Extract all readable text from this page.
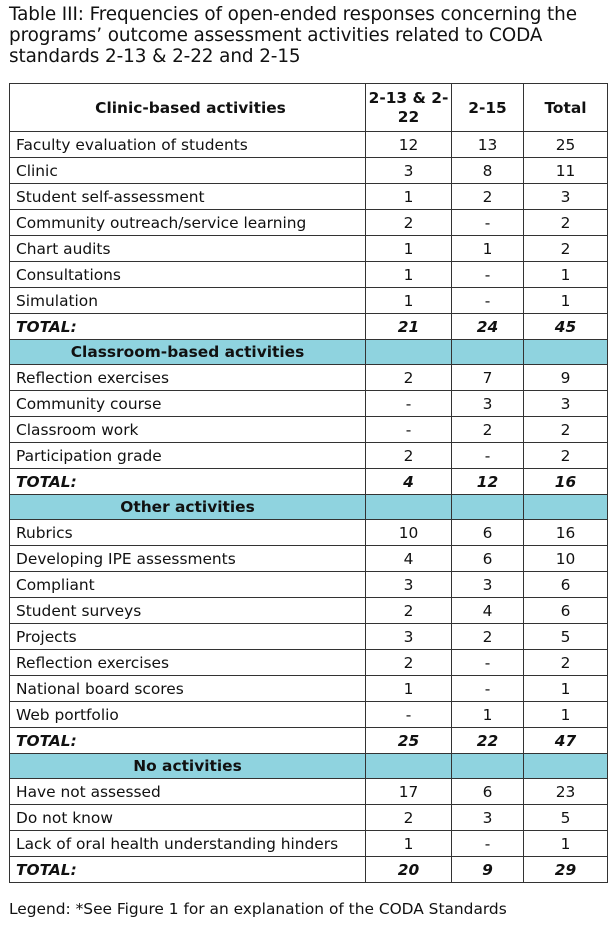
Table III: Frequencies of open-ended responses concerning the programs’ outcome assessment activities related to CODA standards 2-13 & 2-22 and 2-15

Clinic-based activities	2-13 & 2-22	2-15	Total
Faculty evaluation of students	12	13	25
Clinic	3	8	11
Student self-assessment	1	2	3
Community outreach/service learning	2	-	2
Chart audits	1	1	2
Consultations	1	-	1
Simulation	1	-	1
TOTAL:	21	24	45
Classroom-based activities			
Reflection exercises	2	7	9
Community course	-	3	3
Classroom work	-	2	2
Participation grade	2	-	2
TOTAL:	4	12	16
Other activities			
Rubrics	10	6	16
Developing IPE assessments	4	6	10
Compliant	3	3	6
Student surveys	2	4	6
Projects	3	2	5
Reflection exercises	2	-	2
National board scores	1	-	1
Web portfolio	-	1	1
TOTAL:	25	22	47
No activities			
Have not assessed	17	6	23
Do not know	2	3	5
Lack of oral health understanding hinders	1	-	1
TOTAL:	20	9	29

Legend: *See Figure 1 for an explanation of the CODA Standards
